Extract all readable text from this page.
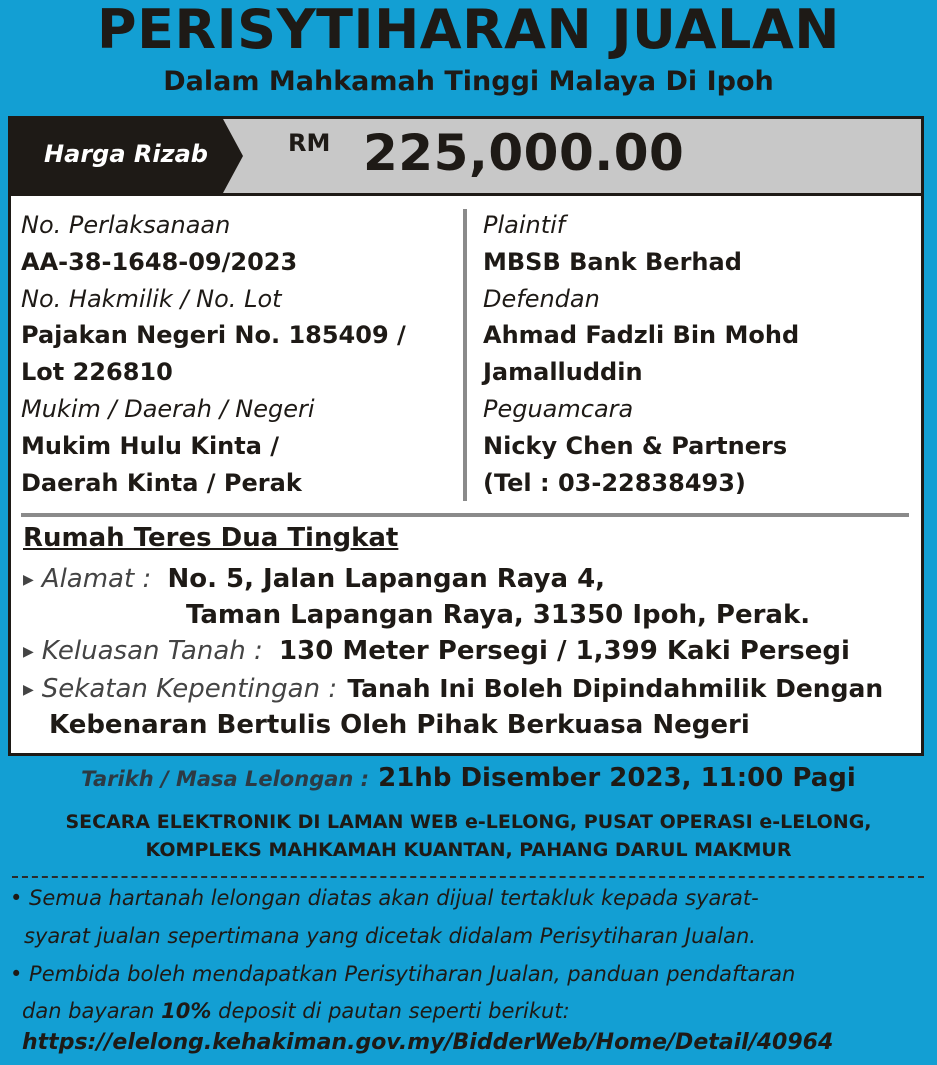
PERISYTIHARAN JUALAN
Dalam Mahkamah Tinggi Malaya Di Ipoh
Harga Rizab	RM 225,000.00
No. Perlaksanaan
AA-38-1648-09/2023
No. Hakmilik / No. Lot
Pajakan Negeri No. 185409 /
Lot 226810
Mukim / Daerah / Negeri
Mukim Hulu Kinta /
Daerah Kinta / Perak
Plaintif
MBSB Bank Berhad
Defendan
Ahmad Fadzli Bin Mohd
Jamalluddin
Peguamcara
Nicky Chen & Partners
(Tel : 03-22838493)
Rumah Teres Dua Tingkat
▶ Alamat : No. 5, Jalan Lapangan Raya 4,
Taman Lapangan Raya, 31350 Ipoh, Perak.
▶ Keluasan Tanah : 130 Meter Persegi / 1,399 Kaki Persegi
▶ Sekatan Kepentingan : Tanah Ini Boleh Dipindahmilik Dengan
Kebenaran Bertulis Oleh Pihak Berkuasa Negeri
Tarikh / Masa Lelongan : 21hb Disember 2023, 11:00 Pagi
SECARA ELEKTRONIK DI LAMAN WEB e-LELONG, PUSAT OPERASI e-LELONG,
KOMPLEKS MAHKAMAH KUANTAN, PAHANG DARUL MAKMUR
• Semua hartanah lelongan diatas akan dijual tertakluk kepada syarat-
syarat jualan sepertimana yang dicetak didalam Perisytiharan Jualan.
• Pembida boleh mendapatkan Perisytiharan Jualan, panduan pendaftaran
dan bayaran 10% deposit di pautan seperti berikut:
https://elelong.kehakiman.gov.my/BidderWeb/Home/Detail/40964
